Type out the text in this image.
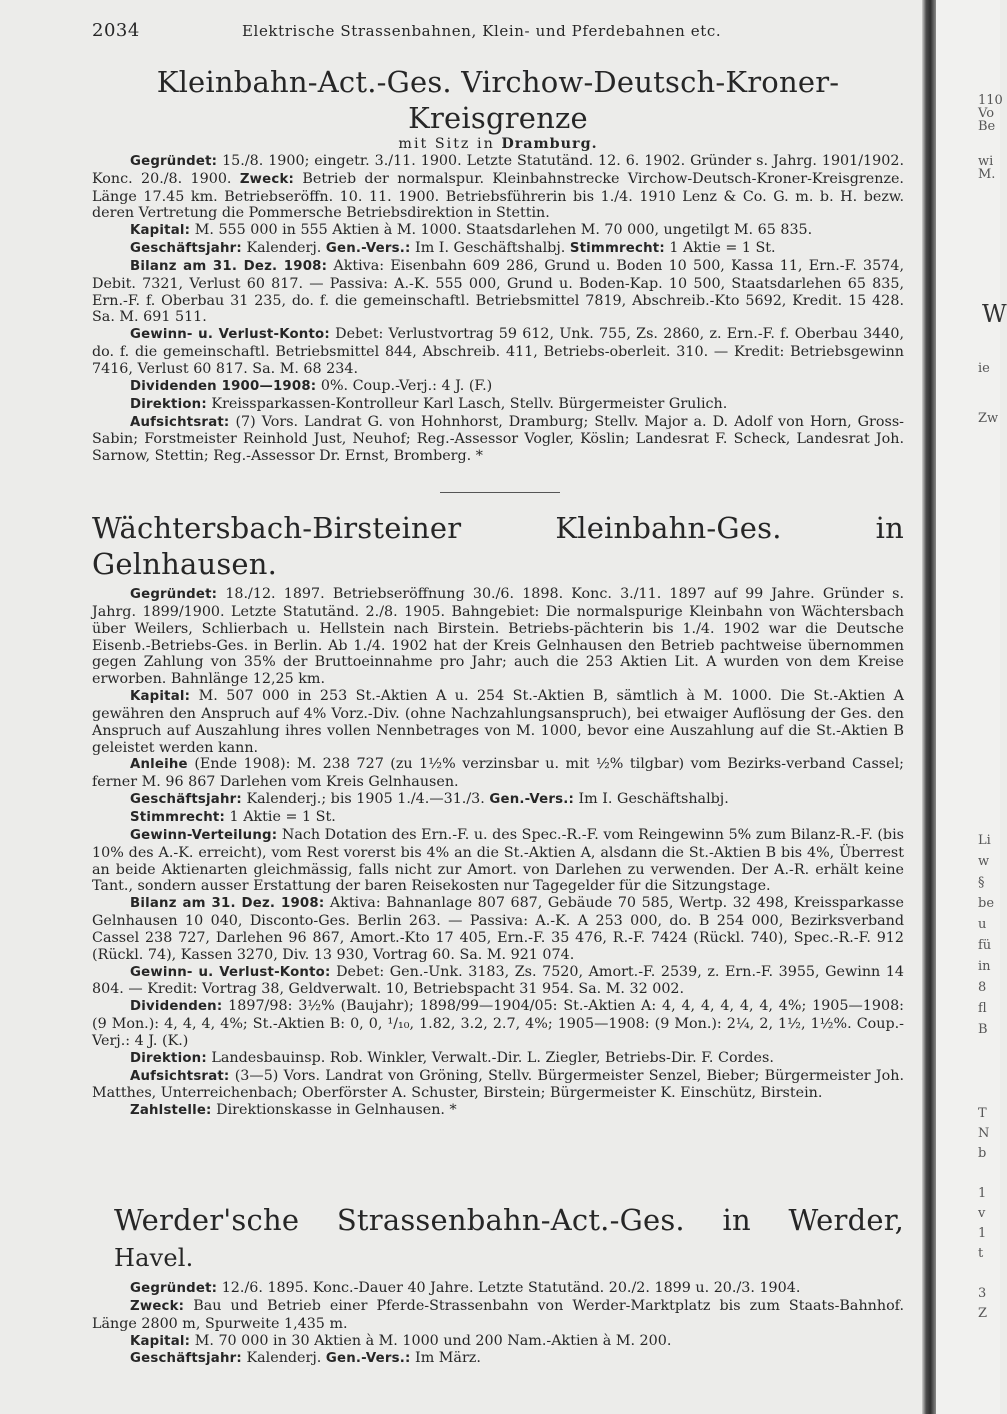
2034	Elektrische Strassenbahnen, Klein- und Pferdebahnen etc.
Kleinbahn-Act.-Ges. Virchow-Deutsch-Kroner-Kreisgrenze

mit Sitz in Dramburg.

Gegründet: 15./8. 1900; eingetr. 3./11. 1900. Letzte Statutänd. 12. 6. 1902. Gründer s. Jahrg. 1901/1902. Konc. 20./8. 1900. Zweck: Betrieb der normalspur. Kleinbahnstrecke Virchow-Deutsch-Kroner-Kreisgrenze. Länge 17.45 km. Betriebseröffn. 10. 11. 1900. Betriebsführerin bis 1./4. 1910 Lenz & Co. G. m. b. H. bezw. deren Vertretung die Pommersche Betriebsdirektion in Stettin.

Kapital: M. 555 000 in 555 Aktien à M. 1000. Staatsdarlehen M. 70 000, ungetilgt M. 65 835.

Geschäftsjahr: Kalenderj. Gen.-Vers.: Im I. Geschäftshalbj. Stimmrecht: 1 Aktie = 1 St.

Bilanz am 31. Dez. 1908: Aktiva: Eisenbahn 609 286, Grund u. Boden 10 500, Kassa 11, Ern.-F. 3574, Debit. 7321, Verlust 60 817. — Passiva: A.-K. 555 000, Grund u. Boden-Kap. 10 500, Staatsdarlehen 65 835, Ern.-F. f. Oberbau 31 235, do. f. die gemeinschaftl. Betriebsmittel 7819, Abschreib.-Kto 5692, Kredit. 15 428. Sa. M. 691 511.

Gewinn- u. Verlust-Konto: Debet: Verlustvortrag 59 612, Unk. 755, Zs. 2860, z. Ern.-F. f. Oberbau 3440, do. f. die gemeinschaftl. Betriebsmittel 844, Abschreib. 411, Betriebs-oberleit. 310. — Kredit: Betriebsgewinn 7416, Verlust 60 817. Sa. M. 68 234.

Dividenden 1900—1908: 0%. Coup.-Verj.: 4 J. (F.)

Direktion: Kreissparkassen-Kontrolleur Karl Lasch, Stellv. Bürgermeister Grulich.

Aufsichtsrat: (7) Vors. Landrat G. von Hohnhorst, Dramburg; Stellv. Major a. D. Adolf von Horn, Gross-Sabin; Forstmeister Reinhold Just, Neuhof; Reg.-Assessor Vogler, Köslin; Landesrat F. Scheck, Landesrat Joh. Sarnow, Stettin; Reg.-Assessor Dr. Ernst, Bromberg. *

Wächtersbach-Birsteiner Kleinbahn-Ges. in Gelnhausen.

Gegründet: 18./12. 1897. Betriebseröffnung 30./6. 1898. Konc. 3./11. 1897 auf 99 Jahre. Gründer s. Jahrg. 1899/1900. Letzte Statutänd. 2./8. 1905. Bahngebiet: Die normalspurige Kleinbahn von Wächtersbach über Weilers, Schlierbach u. Hellstein nach Birstein. Betriebs-pächterin bis 1./4. 1902 war die Deutsche Eisenb.-Betriebs-Ges. in Berlin. Ab 1./4. 1902 hat der Kreis Gelnhausen den Betrieb pachtweise übernommen gegen Zahlung von 35% der Bruttoeinnahme pro Jahr; auch die 253 Aktien Lit. A wurden von dem Kreise erworben. Bahnlänge 12,25 km.

Kapital: M. 507 000 in 253 St.-Aktien A u. 254 St.-Aktien B, sämtlich à M. 1000. Die St.-Aktien A gewähren den Anspruch auf 4% Vorz.-Div. (ohne Nachzahlungsanspruch), bei etwaiger Auflösung der Ges. den Anspruch auf Auszahlung ihres vollen Nennbetrages von M. 1000, bevor eine Auszahlung auf die St.-Aktien B geleistet werden kann.

Anleihe (Ende 1908): M. 238 727 (zu 1½% verzinsbar u. mit ½% tilgbar) vom Bezirks-verband Cassel; ferner M. 96 867 Darlehen vom Kreis Gelnhausen.

Geschäftsjahr: Kalenderj.; bis 1905 1./4.—31./3. Gen.-Vers.: Im I. Geschäftshalbj.

Stimmrecht: 1 Aktie = 1 St.

Gewinn-Verteilung: Nach Dotation des Ern.-F. u. des Spec.-R.-F. vom Reingewinn 5% zum Bilanz-R.-F. (bis 10% des A.-K. erreicht), vom Rest vorerst bis 4% an die St.-Aktien A, alsdann die St.-Aktien B bis 4%, Überrest an beide Aktienarten gleichmässig, falls nicht zur Amort. von Darlehen zu verwenden. Der A.-R. erhält keine Tant., sondern ausser Erstattung der baren Reisekosten nur Tagegelder für die Sitzungstage.

Bilanz am 31. Dez. 1908: Aktiva: Bahnanlage 807 687, Gebäude 70 585, Wertp. 32 498, Kreissparkasse Gelnhausen 10 040, Disconto-Ges. Berlin 263. — Passiva: A.-K. A 253 000, do. B 254 000, Bezirksverband Cassel 238 727, Darlehen 96 867, Amort.-Kto 17 405, Ern.-F. 35 476, R.-F. 7424 (Rückl. 740), Spec.-R.-F. 912 (Rückl. 74), Kassen 3270, Div. 13 930, Vortrag 60. Sa. M. 921 074.

Gewinn- u. Verlust-Konto: Debet: Gen.-Unk. 3183, Zs. 7520, Amort.-F. 2539, z. Ern.-F. 3955, Gewinn 14 804. — Kredit: Vortrag 38, Geldverwalt. 10, Betriebspacht 31 954. Sa. M. 32 002.

Dividenden: 1897/98: 3½% (Baujahr); 1898/99—1904/05: St.-Aktien A: 4, 4, 4, 4, 4, 4, 4%; 1905—1908: (9 Mon.): 4, 4, 4, 4%; St.-Aktien B: 0, 0, ¹/₁₀, 1.82, 3.2, 2.7, 4%; 1905—1908: (9 Mon.): 2¼, 2, 1½, 1½%. Coup.-Verj.: 4 J. (K.)

Direktion: Landesbauinsp. Rob. Winkler, Verwalt.-Dir. L. Ziegler, Betriebs-Dir. F. Cordes.

Aufsichtsrat: (3—5) Vors. Landrat von Gröning, Stellv. Bürgermeister Senzel, Bieber; Bürgermeister Joh. Matthes, Unterreichenbach; Oberförster A. Schuster, Birstein; Bürgermeister K. Einschütz, Birstein.

Zahlstelle: Direktionskasse in Gelnhausen. *

Werder'sche Strassenbahn-Act.-Ges. in Werder, Havel.

Gegründet: 12./6. 1895. Konc.-Dauer 40 Jahre. Letzte Statutänd. 20./2. 1899 u. 20./3. 1904.

Zweck: Bau und Betrieb einer Pferde-Strassenbahn von Werder-Marktplatz bis zum Staats-Bahnhof. Länge 2800 m, Spurweite 1,435 m.

Kapital: M. 70 000 in 30 Aktien à M. 1000 und 200 Nam.-Aktien à M. 200.

Geschäftsjahr: Kalenderj. Gen.-Vers.: Im März.

110
Vo
Be
wi
M.
W
ie
Zw
Li
w
§
be
u
fü
in
8
fl
B
T
N
b
1
v
1
t
3
Z
